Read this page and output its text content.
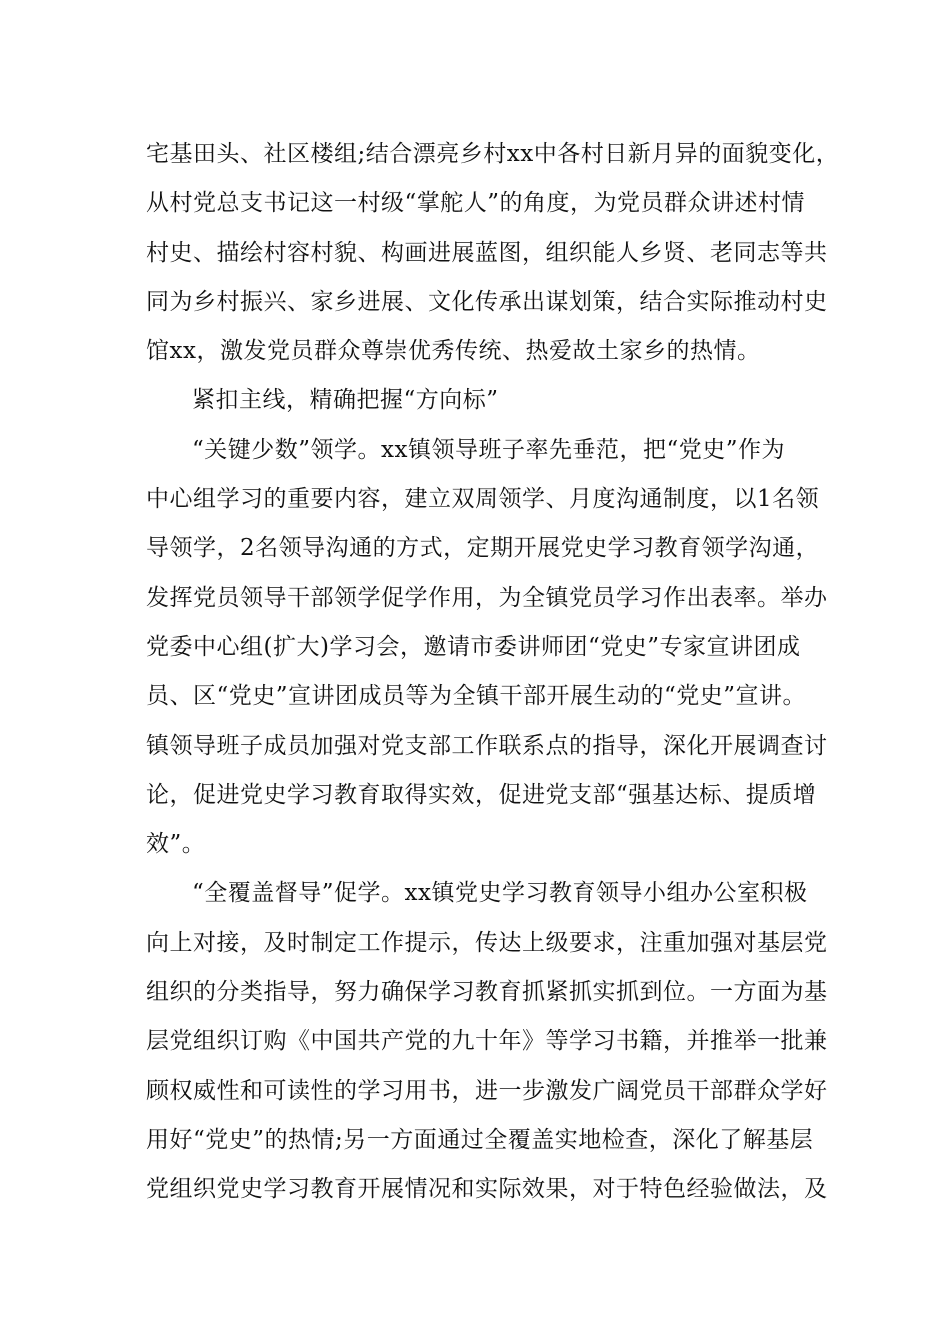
宅基田头、社区楼组;结合漂亮乡村xx中各村日新月异的面貌变化，
从村党总支书记这一村级“掌舵人”的角度，为党员群众讲述村情
村史、描绘村容村貌、构画进展蓝图，组织能人乡贤、老同志等共
同为乡村振兴、家乡进展、文化传承出谋划策，结合实际推动村史
馆xx，激发党员群众尊崇优秀传统、热爱故土家乡的热情。
紧扣主线，精确把握“方向标”
“关键少数”领学。xx镇领导班子率先垂范，把“党史”作为
中心组学习的重要内容，建立双周领学、月度沟通制度，以1名领
导领学，2名领导沟通的方式，定期开展党史学习教育领学沟通，
发挥党员领导干部领学促学作用，为全镇党员学习作出表率。举办
党委中心组(扩大)学习会，邀请市委讲师团“党史”专家宣讲团成
员、区“党史”宣讲团成员等为全镇干部开展生动的“党史”宣讲。
镇领导班子成员加强对党支部工作联系点的指导，深化开展调查讨
论，促进党史学习教育取得实效，促进党支部“强基达标、提质增
效”。
“全覆盖督导”促学。xx镇党史学习教育领导小组办公室积极
向上对接，及时制定工作提示，传达上级要求，注重加强对基层党
组织的分类指导，努力确保学习教育抓紧抓实抓到位。一方面为基
层党组织订购《中国共产党的九十年》等学习书籍，并推举一批兼
顾权威性和可读性的学习用书，进一步激发广阔党员干部群众学好
用好“党史”的热情;另一方面通过全覆盖实地检查，深化了解基层
党组织党史学习教育开展情况和实际效果，对于特色经验做法，及
